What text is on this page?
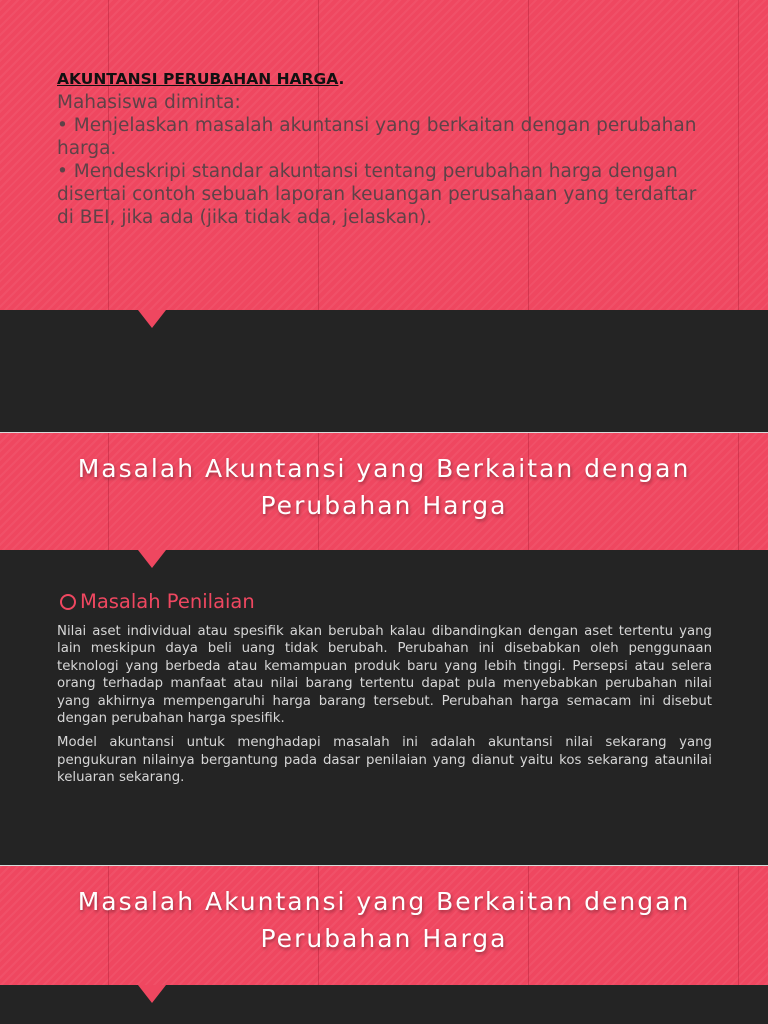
AKUNTANSI PERUBAHAN HARGA.
Mahasiswa diminta:
• Menjelaskan masalah akuntansi yang berkaitan dengan perubahan
harga.
• Mendeskripi standar akuntansi tentang perubahan harga dengan
disertai contoh sebuah laporan keuangan perusahaan yang terdaftar
di BEI, jika ada (jika tidak ada, jelaskan).
Masalah Akuntansi yang Berkaitan dengan Perubahan Harga
Masalah Penilaian

Nilai aset individual atau spesifik akan berubah kalau dibandingkan dengan aset tertentu yang lain meskipun daya beli uang tidak berubah. Perubahan ini disebabkan oleh penggunaan teknologi yang berbeda atau kemampuan produk baru yang lebih tinggi. Persepsi atau selera orang terhadap manfaat atau nilai barang tertentu dapat pula menyebabkan perubahan nilai yang akhirnya mempengaruhi harga barang tersebut. Perubahan harga semacam ini disebut dengan perubahan harga spesifik.

Model akuntansi untuk menghadapi masalah ini adalah akuntansi nilai sekarang yang pengukuran nilainya bergantung pada dasar penilaian yang dianut yaitu kos sekarang ataunilai keluaran sekarang.

Masalah Akuntansi yang Berkaitan dengan Perubahan Harga
